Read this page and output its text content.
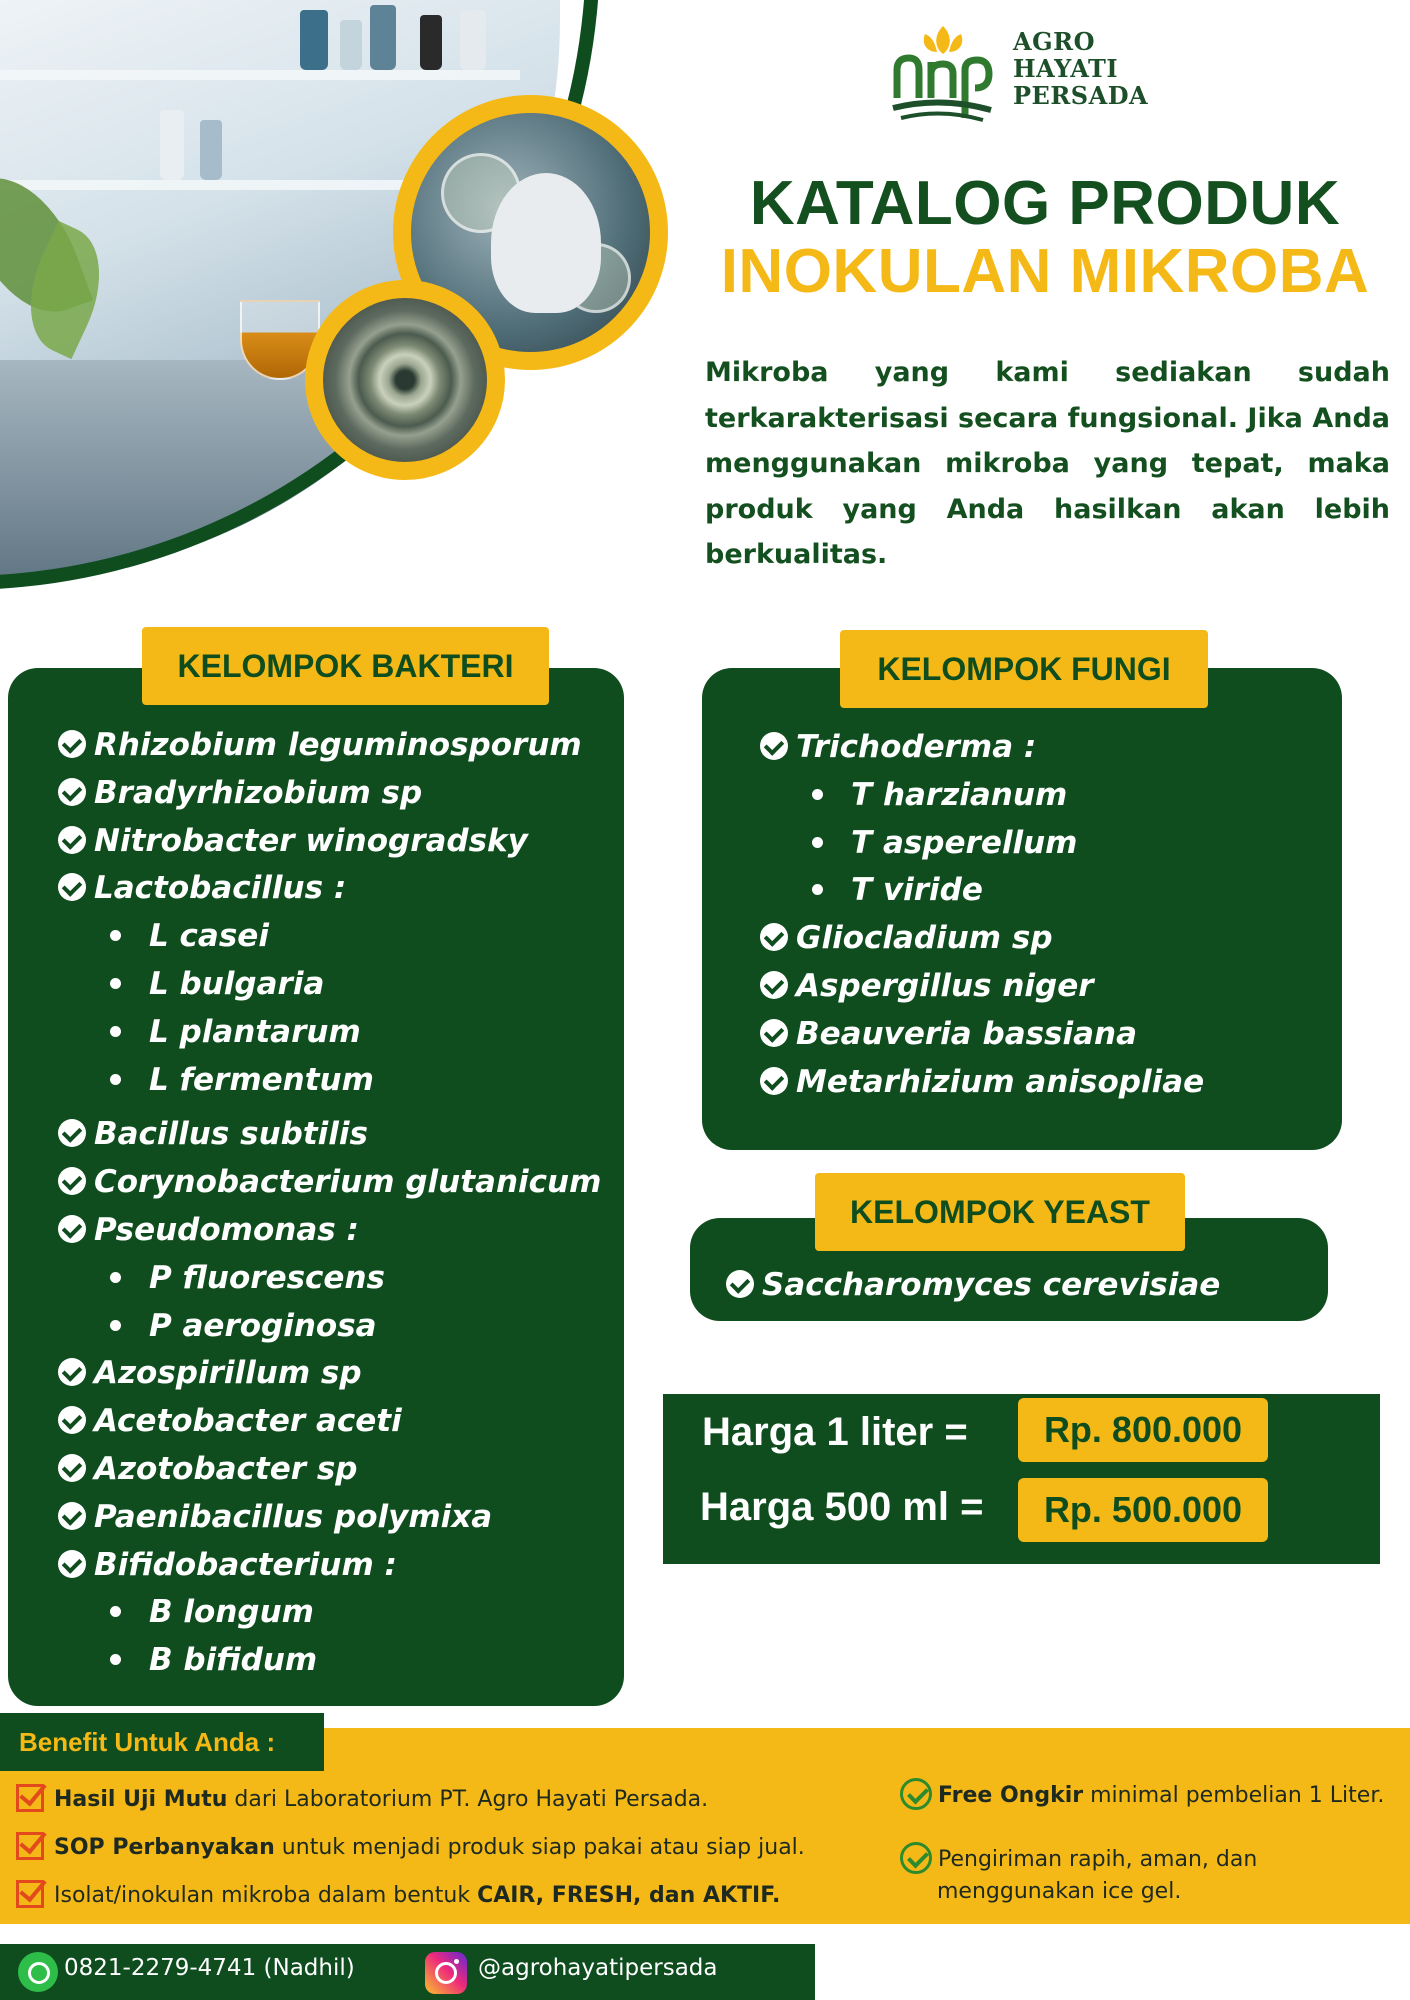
AGRO
HAYATI
PERSADA
KATALOG PRODUK
INOKULAN MIKROBA
Mikroba yang kami sediakan sudah terkarakterisasi secara fungsional. Jika Anda menggunakan mikroba yang tepat, maka produk yang Anda hasilkan akan lebih berkualitas.
KELOMPOK BAKTERI
Rhizobium leguminosporum
Bradyrhizobium sp
Nitrobacter winogradsky
Lactobacillus :
L casei
L bulgaria
L plantarum
L fermentum
Bacillus subtilis
Corynobacterium glutanicum
Pseudomonas :
P fluorescens
P aeroginosa
Azospirillum sp
Acetobacter aceti
Azotobacter sp
Paenibacillus polymixa
Bifidobacterium :
B longum
B bifidum
KELOMPOK FUNGI
Trichoderma :
T harzianum
T asperellum
T viride
Gliocladium sp
Aspergillus niger
Beauveria bassiana
Metarhizium anisopliae
KELOMPOK YEAST
Saccharomyces cerevisiae
Harga 1 liter =	Rp. 800.000
Harga 500 ml =	Rp. 500.000
Benefit Untuk Anda :
Hasil Uji Mutu dari Laboratorium PT. Agro Hayati Persada.
SOP Perbanyakan untuk menjadi produk siap pakai atau siap jual.
Isolat/inokulan mikroba dalam bentuk CAIR, FRESH, dan AKTIF.
Free Ongkir minimal pembelian 1 Liter.
Pengiriman rapih, aman, dan
menggunakan ice gel.
0821-2279-4741 (Nadhil)	@agrohayatipersada
